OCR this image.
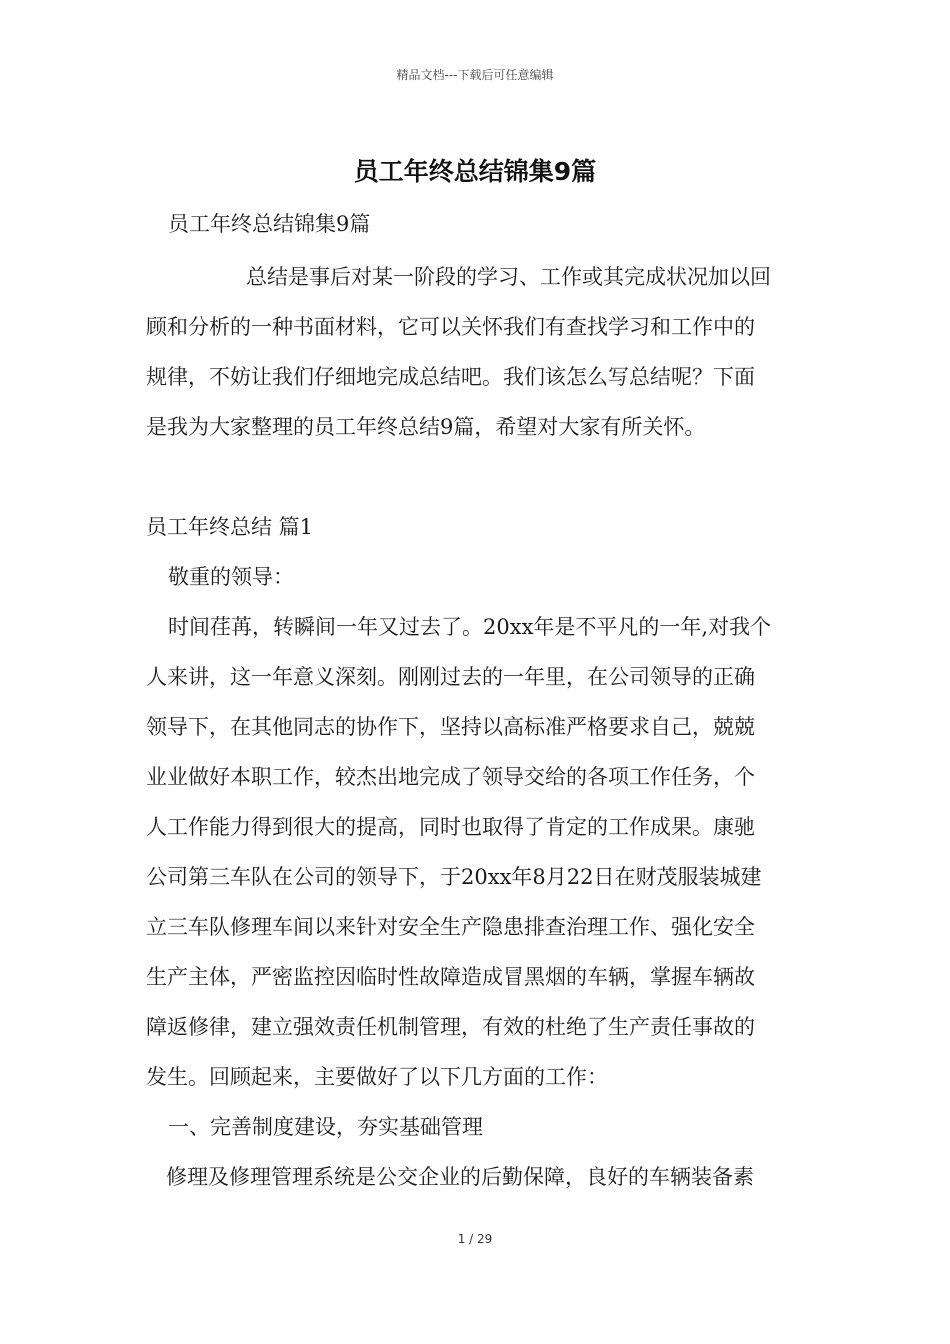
精品文档---下载后可任意编辑
员工年终总结锦集9篇

员工年终总结锦集9篇

总结是事后对某一阶段的学习、工作或其完成状况加以回

顾和分析的一种书面材料，它可以关怀我们有查找学习和工作中的

规律，不妨让我们仔细地完成总结吧。我们该怎么写总结呢？下面

是我为大家整理的员工年终总结9篇，希望对大家有所关怀。

员工年终总结 篇1

敬重的领导：

时间荏苒，转瞬间一年又过去了。20xx年是不平凡的一年,对我个

人来讲，这一年意义深刻。刚刚过去的一年里，在公司领导的正确

领导下，在其他同志的协作下，坚持以高标准严格要求自己，兢兢

业业做好本职工作，较杰出地完成了领导交给的各项工作任务，个

人工作能力得到很大的提高，同时也取得了肯定的工作成果。康驰

公司第三车队在公司的领导下，于20xx年8月22日在财茂服装城建

立三车队修理车间以来针对安全生产隐患排查治理工作、强化安全

生产主体，严密监控因临时性故障造成冒黑烟的车辆，掌握车辆故

障返修律，建立强效责任机制管理，有效的杜绝了生产责任事故的

发生。回顾起来，主要做好了以下几方面的工作：

一、完善制度建设，夯实基础管理

修理及修理管理系统是公交企业的后勤保障，良好的车辆装备素

1 / 29
